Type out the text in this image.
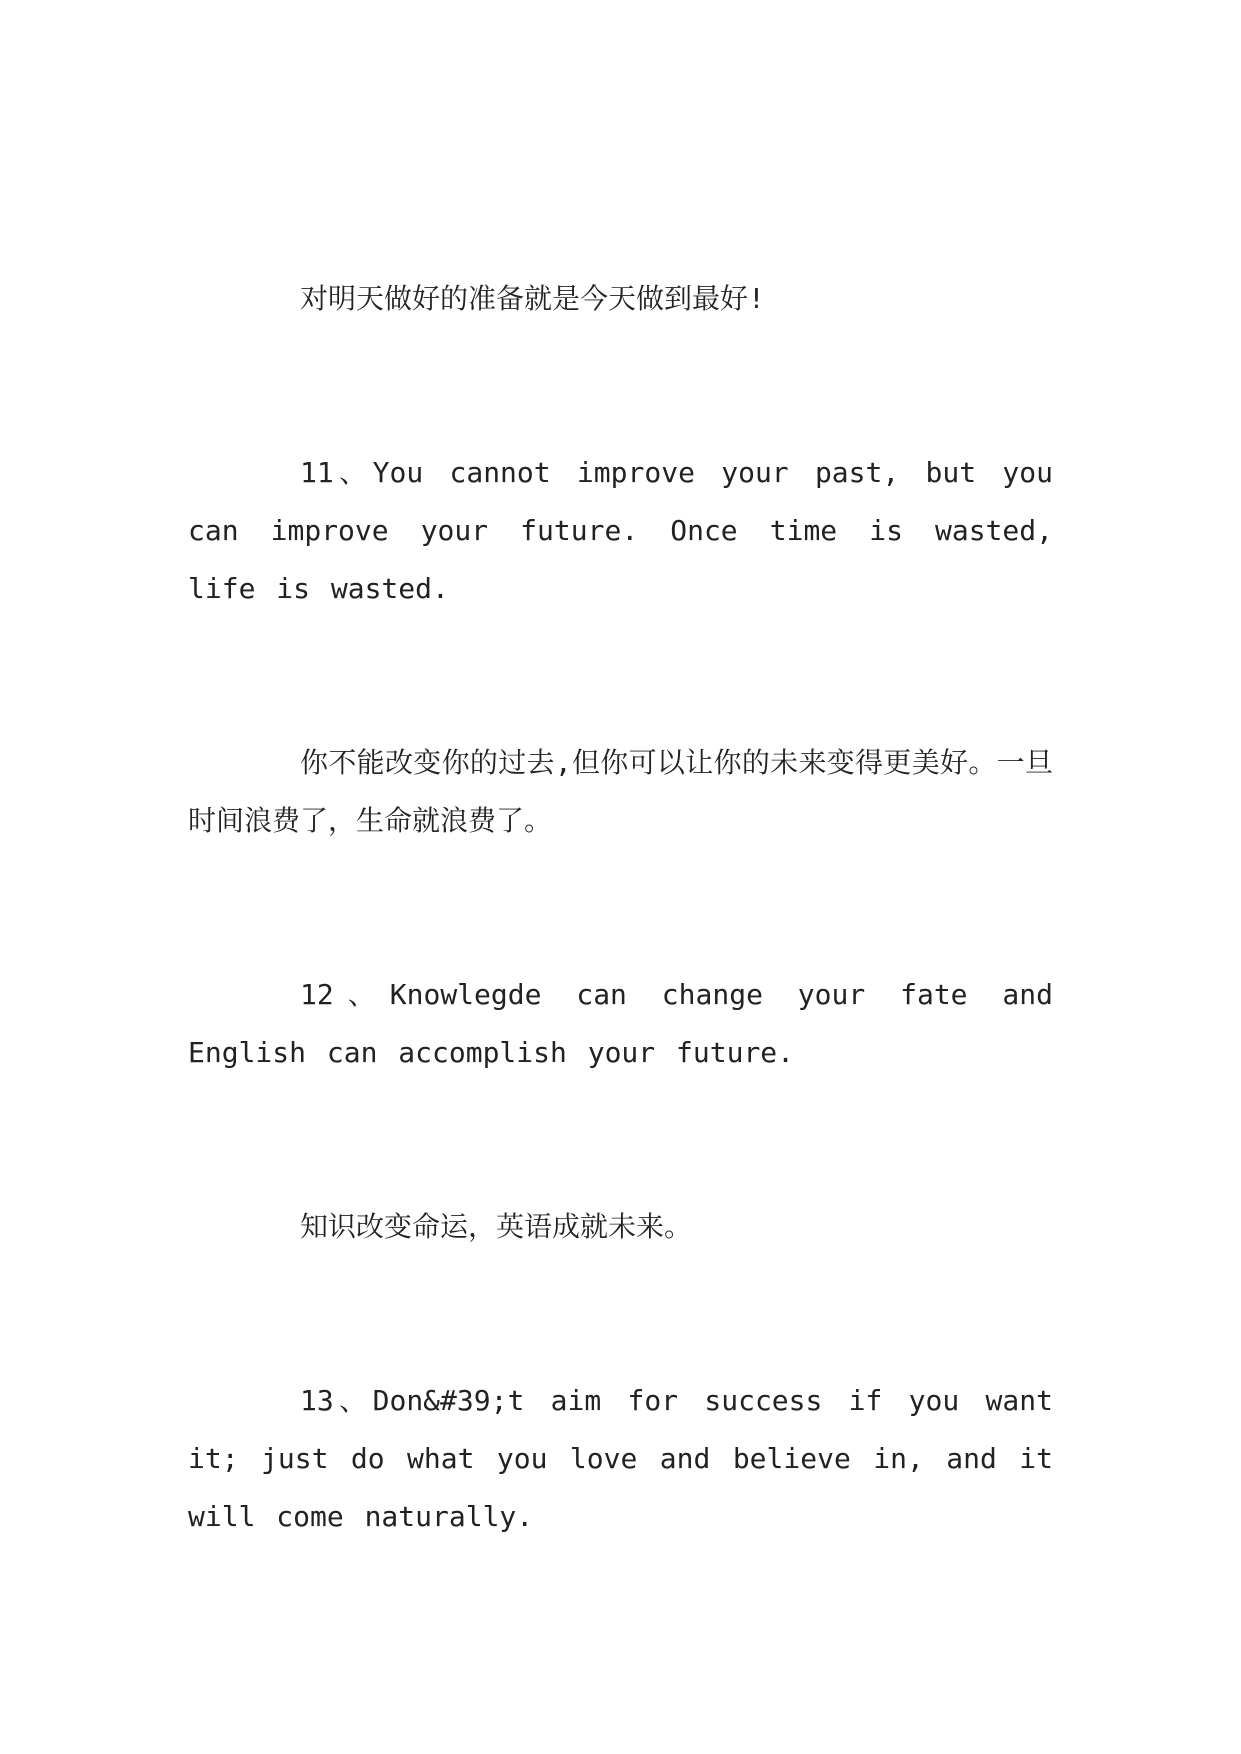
对明天做好的准备就是今天做到最好!

11、You cannot improve your past, but you can improve your future. Once time is wasted, life is wasted.

你不能改变你的过去,但你可以让你的未来变得更美好。一旦时间浪费了，生命就浪费了。

12、Knowlegde can change your fate and English can accomplish your future.

知识改变命运，英语成就未来。

13、Don&#39;t aim for success if you want it; just do what you love and believe in, and it will come naturally.
